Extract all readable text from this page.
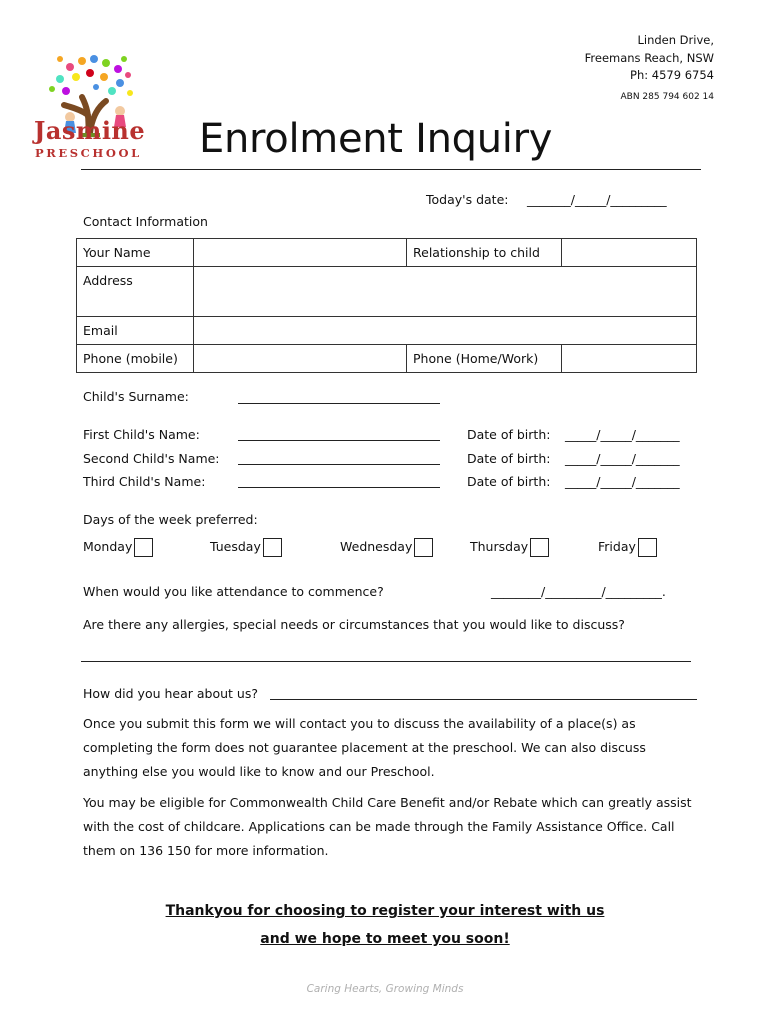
Jasmine
PRESCHOOL
Linden Drive,
Freemans Reach, NSW
Ph: 4579 6754
ABN 285 794 602 14
Enrolment Inquiry
Today's date: _______/_____/_________
Contact Information
Your Name		Relationship to child	
Address			
Email			
Phone (mobile)		Phone (Home/Work)	
Child's Surname:
First Child's Name:	Date of birth: _____/_____/_______
Second Child's Name:	Date of birth: _____/_____/_______
Third Child's Name:	Date of birth: _____/_____/_______
Days of the week preferred:
Monday	Tuesday	Wednesday	Thursday	Friday
When would you like attendance to commence?	________/_________/_________.
Are there any allergies, special needs or circumstances that you would like to discuss?
How did you hear about us?
Once you submit this form we will contact you to discuss the availability of a place(s) as completing the form does not guarantee placement at the preschool. We can also discuss anything else you would like to know and our Preschool.
You may be eligible for Commonwealth Child Care Benefit and/or Rebate which can greatly assist with the cost of childcare. Applications can be made through the Family Assistance Office. Call them on 136 150 for more information.
Thankyou for choosing to register your interest with us
and we hope to meet you soon!
Caring Hearts, Growing Minds
